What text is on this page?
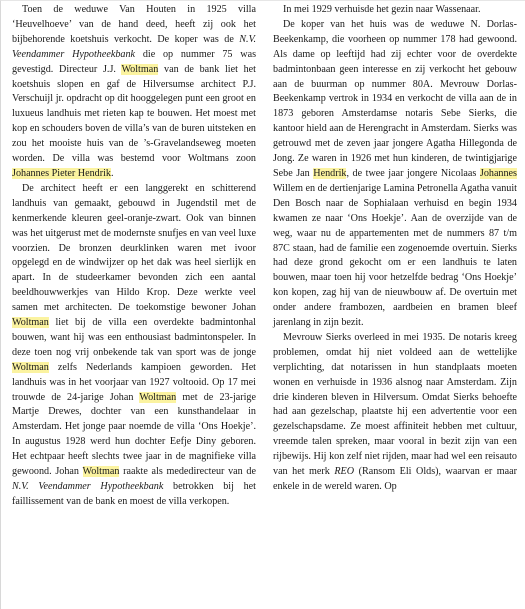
Toen de weduwe Van Houten in 1925 villa ‘Heuvelhoeve’ van de hand deed, heeft zij ook het bijbehorende koetshuis verkocht. De koper was de N.V. Veendammer Hypotheekbank die op nummer 75 was gevestigd. Directeur J.J. Woltman van de bank liet het koetshuis slopen en gaf de Hilversumse architect P.J. Verschuijl jr. opdracht op dit hooggelegen punt een groot en luxueus landhuis met rieten kap te bouwen. Het moest met kop en schouders boven de villa’s van de buren uitsteken en zou het mooiste huis van de ’s-Gravelandseweg moeten worden. De villa was bestemd voor Woltmans zoon Johannes Pieter Hendrik.

De architect heeft er een langgerekt en schitterend landhuis van gemaakt, gebouwd in Jugendstil met de kenmerkende kleuren geel-oranje-zwart. Ook van binnen was het uitgerust met de modernste snufjes en van veel luxe voorzien. De bronzen deurklinken waren met ivoor opgelegd en de windwijzer op het dak was heel sierlijk en apart. In de studeerkamer bevonden zich een aantal beeldhouwwerkjes van Hildo Krop. Deze werkte veel samen met architecten. De toekomstige bewoner Johan Woltman liet bij de villa een overdekte badmintonhal bouwen, want hij was een enthousiast badmintonspeler. In deze toen nog vrij onbekende tak van sport was de jonge Woltman zelfs Nederlands kampioen geworden. Het landhuis was in het voorjaar van 1927 voltooid. Op 17 mei trouwde de 24-jarige Johan Woltman met de 23-jarige Martje Drewes, dochter van een kunsthandelaar in Amsterdam. Het jonge paar noemde de villa ‘Ons Hoekje’. In augustus 1928 werd hun dochter Eefje Diny geboren. Het echtpaar heeft slechts twee jaar in de magnifieke villa gewoond. Johan Woltman raakte als mededirecteur van de N.V. Veendammer Hypotheekbank betrokken bij het faillissement van de bank en moest de villa verkopen.

In mei 1929 verhuisde het gezin naar Wassenaar.

De koper van het huis was de weduwe N. Dorlas-Beekenkamp, die voorheen op nummer 178 had gewoond. Als dame op leeftijd had zij echter voor de overdekte badmintonbaan geen interesse en zij verkocht het gebouw aan de buurman op nummer 80A. Mevrouw Dorlas-Beekenkamp vertrok in 1934 en verkocht de villa aan de in 1873 geboren Amsterdamse notaris Sebe Sierks, die kantoor hield aan de Herengracht in Amsterdam. Sierks was getrouwd met de zeven jaar jongere Agatha Hillegonda de Jong. Ze waren in 1926 met hun kinderen, de twintigjarige Sebe Jan Hendrik, de twee jaar jongere Nicolaas Johannes Willem en de dertienjarige Lamina Petronella Agatha vanuit Den Bosch naar de Sophialaan verhuisd en begin 1934 kwamen ze naar ‘Ons Hoekje’. Aan de overzijde van de weg, waar nu de appartementen met de nummers 87 t/m 87C staan, had de familie een zogenoemde overtuin. Sierks had deze grond gekocht om er een landhuis te laten bouwen, maar toen hij voor hetzelfde bedrag ‘Ons Hoekje’ kon kopen, zag hij van de nieuwbouw af. De overtuin met onder andere frambozen, aardbeien en bramen bleef jarenlang in zijn bezit.

Mevrouw Sierks overleed in mei 1935. De notaris kreeg problemen, omdat hij niet voldeed aan de wettelijke verplichting, dat notarissen in hun standplaats moeten wonen en verhuisde in 1936 alsnog naar Amsterdam. Zijn drie kinderen bleven in Hilversum. Omdat Sierks behoefte had aan gezelschap, plaatste hij een advertentie voor een gezelschapsdame. Ze moest affiniteit hebben met cultuur, vreemde talen spreken, maar vooral in bezit zijn van een rijbewijs. Hij kon zelf niet rijden, maar had wel een reisauto van het merk REO (Ransom Eli Olds), waarvan er maar enkele in de wereld waren. Op
